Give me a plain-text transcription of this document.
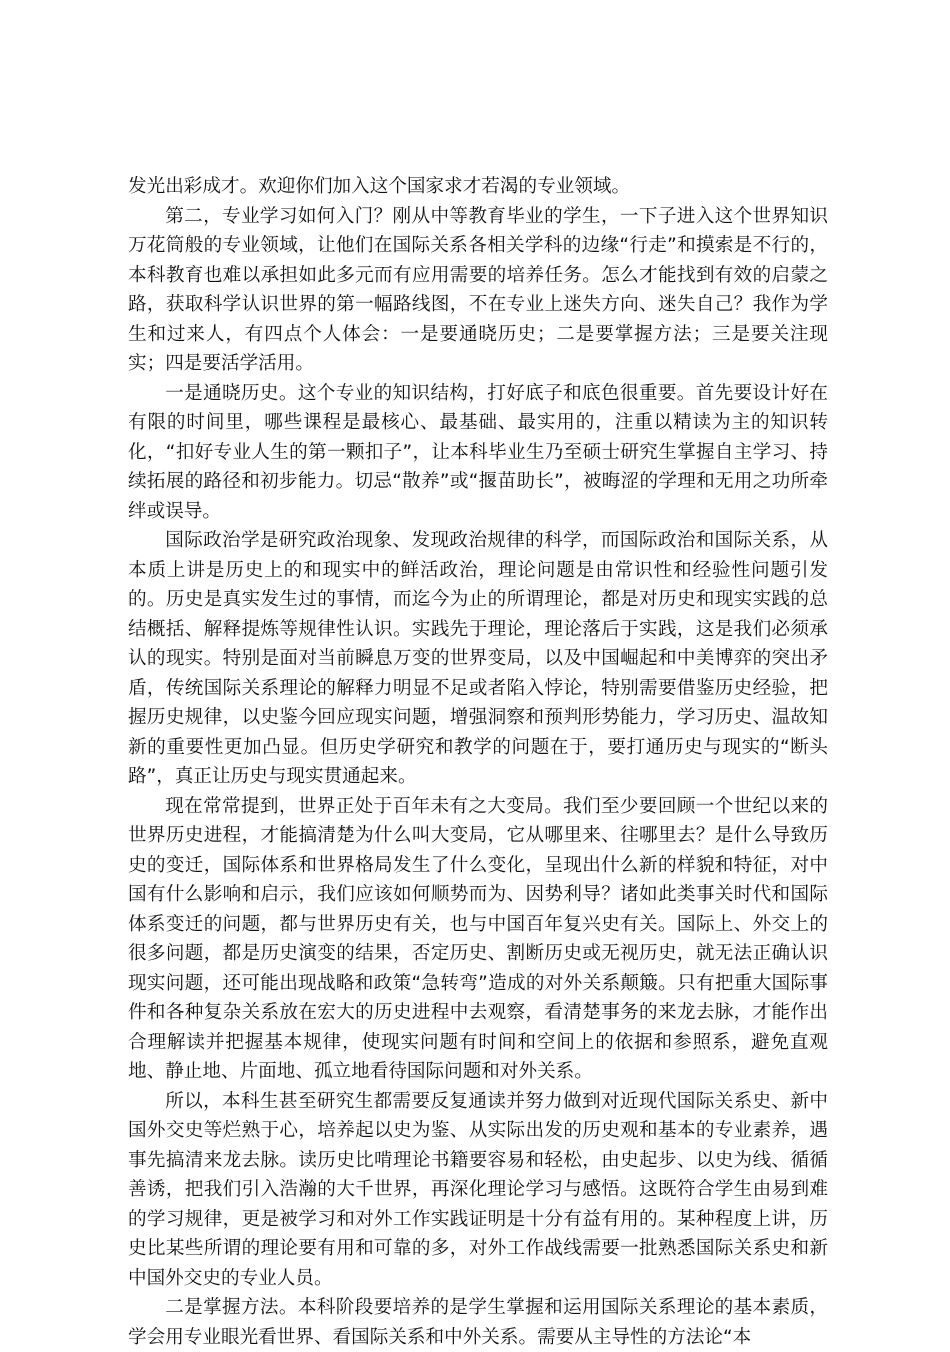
发光出彩成才。欢迎你们加入这个国家求才若渴的专业领域。

第二，专业学习如何入门？刚从中等教育毕业的学生，一下子进入这个世界知识万花筒般的专业领域，让他们在国际关系各相关学科的边缘“行走”和摸索是不行的，本科教育也难以承担如此多元而有应用需要的培养任务。怎么才能找到有效的启蒙之路，获取科学认识世界的第一幅路线图，不在专业上迷失方向、迷失自己？我作为学生和过来人，有四点个人体会：一是要通晓历史；二是要掌握方法；三是要关注现实；四是要活学活用。

一是通晓历史。这个专业的知识结构，打好底子和底色很重要。首先要设计好在有限的时间里，哪些课程是最核心、最基础、最实用的，注重以精读为主的知识转化，“扣好专业人生的第一颗扣子”，让本科毕业生乃至硕士研究生掌握自主学习、持续拓展的路径和初步能力。切忌“散养”或“揠苗助长”，被晦涩的学理和无用之功所牵绊或误导。

国际政治学是研究政治现象、发现政治规律的科学，而国际政治和国际关系，从本质上讲是历史上的和现实中的鲜活政治，理论问题是由常识性和经验性问题引发的。历史是真实发生过的事情，而迄今为止的所谓理论，都是对历史和现实实践的总结概括、解释提炼等规律性认识。实践先于理论，理论落后于实践，这是我们必须承认的现实。特别是面对当前瞬息万变的世界变局，以及中国崛起和中美博弈的突出矛盾，传统国际关系理论的解释力明显不足或者陷入悖论，特别需要借鉴历史经验，把握历史规律，以史鉴今回应现实问题，增强洞察和预判形势能力，学习历史、温故知新的重要性更加凸显。但历史学研究和教学的问题在于，要打通历史与现实的“断头路”，真正让历史与现实贯通起来。

现在常常提到，世界正处于百年未有之大变局。我们至少要回顾一个世纪以来的世界历史进程，才能搞清楚为什么叫大变局，它从哪里来、往哪里去？是什么导致历史的变迁，国际体系和世界格局发生了什么变化，呈现出什么新的样貌和特征，对中国有什么影响和启示，我们应该如何顺势而为、因势利导？诸如此类事关时代和国际体系变迁的问题，都与世界历史有关，也与中国百年复兴史有关。国际上、外交上的很多问题，都是历史演变的结果，否定历史、割断历史或无视历史，就无法正确认识现实问题，还可能出现战略和政策“急转弯”造成的对外关系颠簸。只有把重大国际事件和各种复杂关系放在宏大的历史进程中去观察，看清楚事务的来龙去脉，才能作出合理解读并把握基本规律，使现实问题有时间和空间上的依据和参照系，避免直观地、静止地、片面地、孤立地看待国际问题和对外关系。

所以，本科生甚至研究生都需要反复通读并努力做到对近现代国际关系史、新中国外交史等烂熟于心，培养起以史为鉴、从实际出发的历史观和基本的专业素养，遇事先搞清来龙去脉。读历史比啃理论书籍要容易和轻松，由史起步、以史为线、循循善诱，把我们引入浩瀚的大千世界，再深化理论学习与感悟。这既符合学生由易到难的学习规律，更是被学习和对外工作实践证明是十分有益有用的。某种程度上讲，历史比某些所谓的理论要有用和可靠的多，对外工作战线需要一批熟悉国际关系史和新中国外交史的专业人员。

二是掌握方法。本科阶段要培养的是学生掌握和运用国际关系理论的基本素质，学会用专业眼光看世界、看国际关系和中外关系。需要从主导性的方法论“本
